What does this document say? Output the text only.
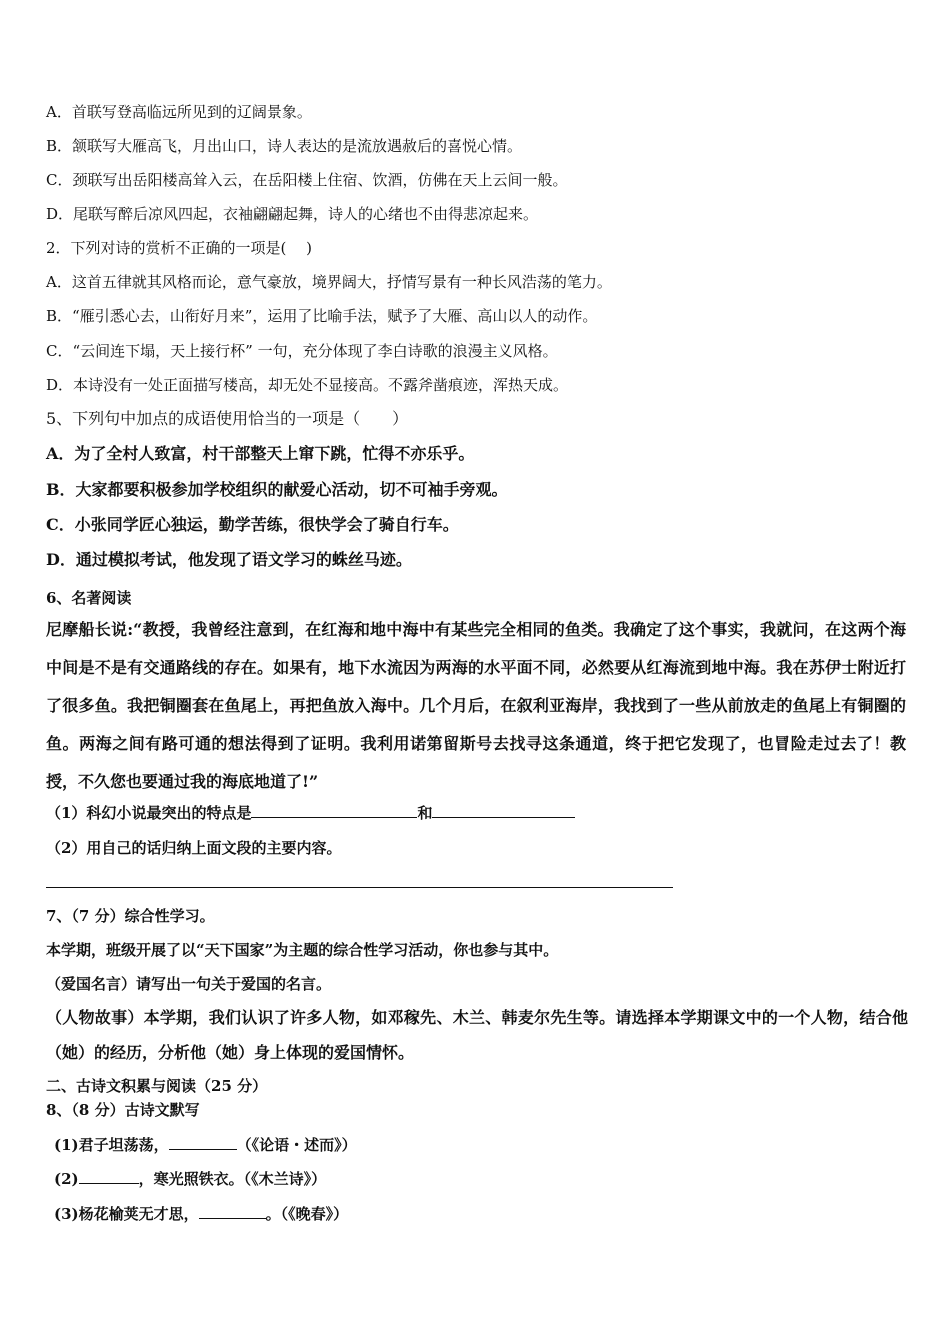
A．首联写登高临远所见到的辽阔景象。
B．颔联写大雁高飞，月出山口，诗人表达的是流放遇赦后的喜悦心情。
C．颈联写出岳阳楼高耸入云，在岳阳楼上住宿、饮酒，仿佛在天上云间一般。
D．尾联写醉后凉风四起，衣袖翩翩起舞，诗人的心绪也不由得悲凉起来。
2．下列对诗的赏析不正确的一项是(　 )
A．这首五律就其风格而论，意气豪放，境界阔大，抒情写景有一种长风浩荡的笔力。
B．“雁引悉心去，山衔好月来”，运用了比喻手法，赋予了大雁、高山以人的动作。
C．“云间连下塌，天上接行杯” 一句，充分体现了李白诗歌的浪漫主义风格。
D．本诗没有一处正面描写楼高，却无处不显接高。不露斧凿痕迹，浑热天成。
5、下列句中加点的成语使用恰当的一项是（　　）
A．为了全村人致富，村干部整天上窜下跳，忙得不亦乐乎。
B．大家都要积极参加学校组织的献爱心活动，切不可袖手旁观。
C．小张同学匠心独运，勤学苦练，很快学会了骑自行车。
D．通过模拟考试，他发现了语文学习的蛛丝马迹。
6、名著阅读
尼摩船长说:“教授，我曾经注意到，在红海和地中海中有某些完全相同的鱼类。我确定了这个事实，我就问，在这两个海中间是不是有交通路线的存在。如果有，地下水流因为两海的水平面不同，必然要从红海流到地中海。我在苏伊士附近打了很多鱼。我把铜圈套在鱼尾上，再把鱼放入海中。几个月后，在叙利亚海岸，我找到了一些从前放走的鱼尾上有铜圈的鱼。两海之间有路可通的想法得到了证明。我利用诺第留斯号去找寻这条通道，终于把它发现了，也冒险走过去了！教授，不久您也要通过我的海底地道了!”
（1）科幻小说最突出的特点是	和
（2）用自己的话归纳上面文段的主要内容。
7、（7 分）综合性学习。
本学期，班级开展了以“天下国家”为主题的综合性学习活动，你也参与其中。
（爱国名言）请写出一句关于爱国的名言。
（人物故事）本学期，我们认识了许多人物，如邓稼先、木兰、韩麦尔先生等。请选择本学期课文中的一个人物，结合他（她）的经历，分析他（她）身上体现的爱国情怀。
二、古诗文积累与阅读（25 分）
8、（8 分）古诗文默写
(1)君子坦荡荡，	（《论语・述而》）
(2)	，寒光照铁衣。（《木兰诗》）
(3)杨花榆荚无才思，	。（《晚春》）
